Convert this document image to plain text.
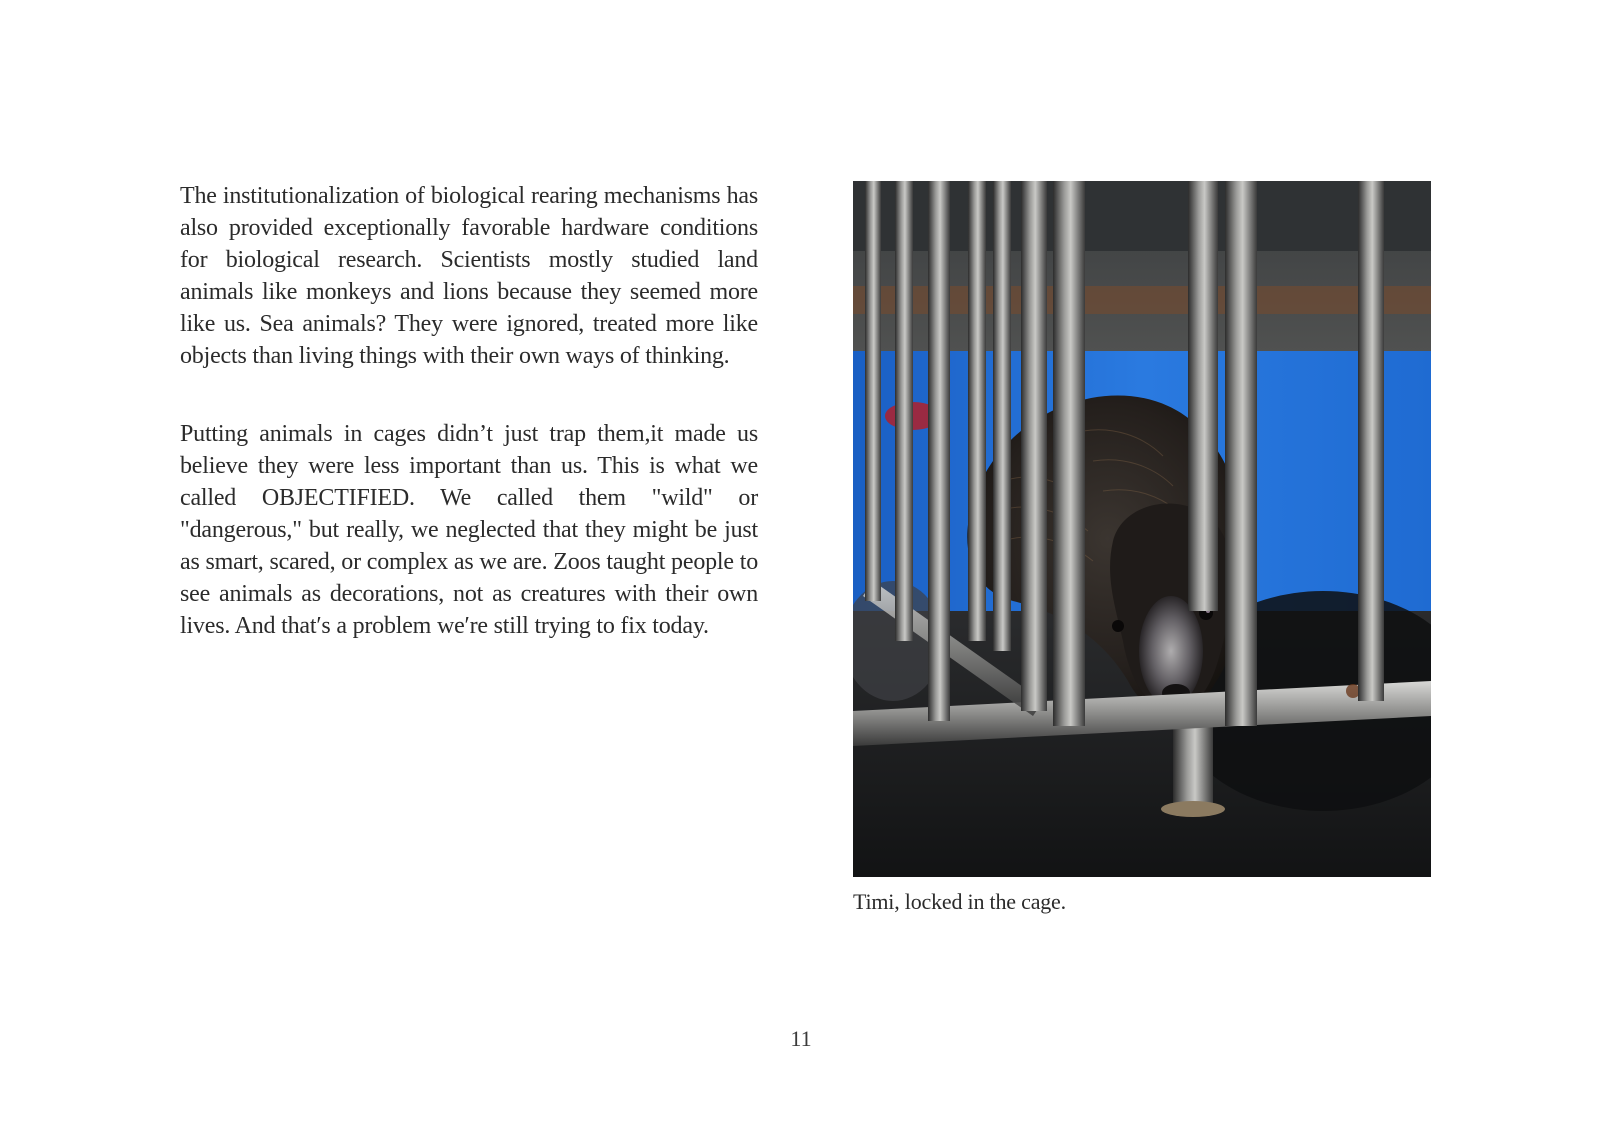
The institutionalization of biological rearing mechanisms has also provided exceptionally favorable hardware conditions for biological research. Scientists mostly studied land animals like monkeys and lions because they seemed more like us. Sea animals? They were ignored, treated more like objects than living things with their own ways of thinking.

Putting animals in cages didn’t just trap them,it made us believe they were less important than us. This is what we called OBJECTIFIED. We called them "wild" or "dangerous," but really, we neglected that they might be just as smart, scared, or complex as we are. Zoos taught people to see animals as decorations, not as creatures with their own lives. And that′s a problem we′re still trying to fix today.

Timi, locked in the cage.
11
